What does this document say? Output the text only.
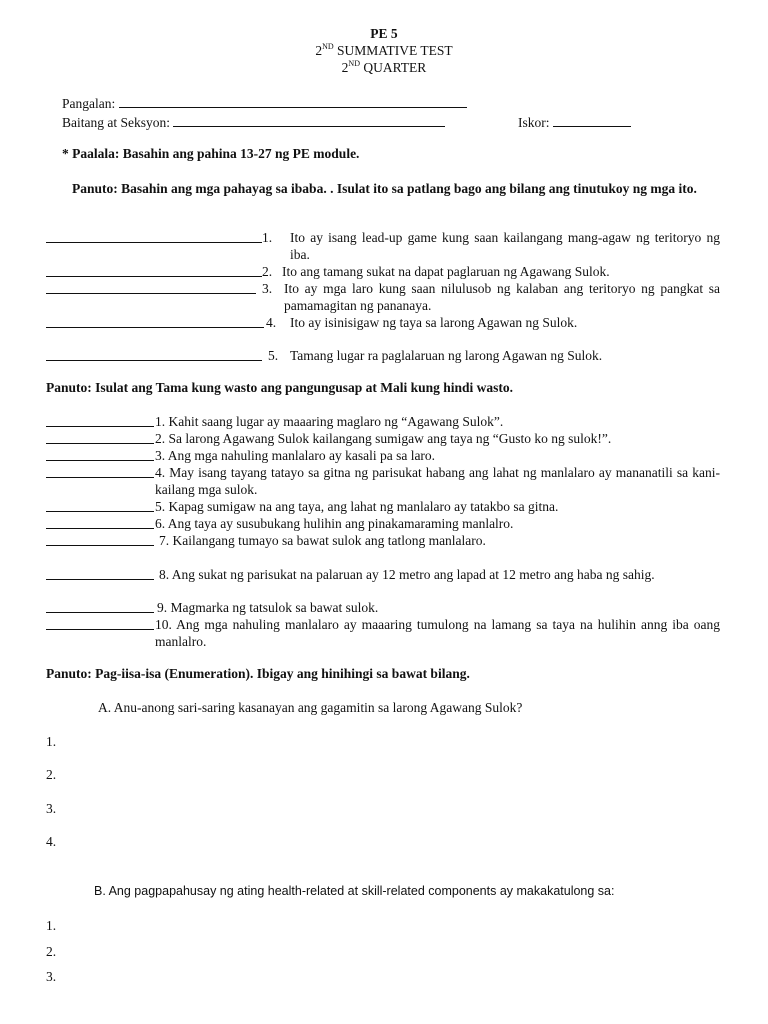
PE 5
2ND SUMMATIVE TEST
2ND QUARTER
Pangalan:
Baitang at Seksyon:	Iskor:
* Paalala: Basahin ang pahina 13-27 ng PE module.
Panuto: Basahin ang mga pahayag sa ibaba. . Isulat ito sa patlang bago ang bilang ang tinutukoy ng mga ito.
1.	Ito ay isang lead-up game kung saan kailangang mang-agaw ng teritoryo ng iba.
2. Ito ang tamang sukat na dapat paglaruan ng Agawang Sulok.
3. Ito ay mga laro kung saan nilulusob ng kalaban ang teritoryo ng pangkat sa pamamagitan ng pananaya.
4.	Ito ay isinisigaw ng taya sa larong Agawan ng Sulok.
5. Tamang lugar ra paglalaruan ng larong Agawan ng Sulok.
Panuto: Isulat ang Tama kung wasto ang pangungusap at Mali kung hindi wasto.
1. Kahit saang lugar ay maaaring maglaro ng “Agawang Sulok”.
2. Sa larong Agawang Sulok kailangang sumigaw ang taya ng “Gusto ko ng sulok!”.
3. Ang mga nahuling manlalaro ay kasali pa sa laro.
4. May isang tayang tatayo sa gitna ng parisukat habang ang lahat ng manlalaro ay mananatili sa kani-kailang mga sulok.
5. Kapag sumigaw na ang taya, ang lahat ng manlalaro ay tatakbo sa gitna.
6. Ang taya ay susubukang hulihin ang pinakamaraming manlalro.
7. Kailangang tumayo sa bawat sulok ang tatlong manlalaro.
8. Ang sukat ng parisukat na palaruan ay 12 metro ang lapad at 12 metro ang haba ng sahig.
9. Magmarka ng tatsulok sa bawat sulok.
10. Ang mga nahuling manlalaro ay maaaring tumulong na lamang sa taya na hulihin anng iba oang manlalro.
Panuto: Pag-iisa-isa (Enumeration). Ibigay ang hinihingi sa bawat bilang.
A. Anu-anong sari-saring kasanayan ang gagamitin sa larong Agawang Sulok?
1.
2.
3.
4.
B. Ang pagpapahusay ng ating health-related at skill-related components ay makakatulong sa:
1.
2.
3.
